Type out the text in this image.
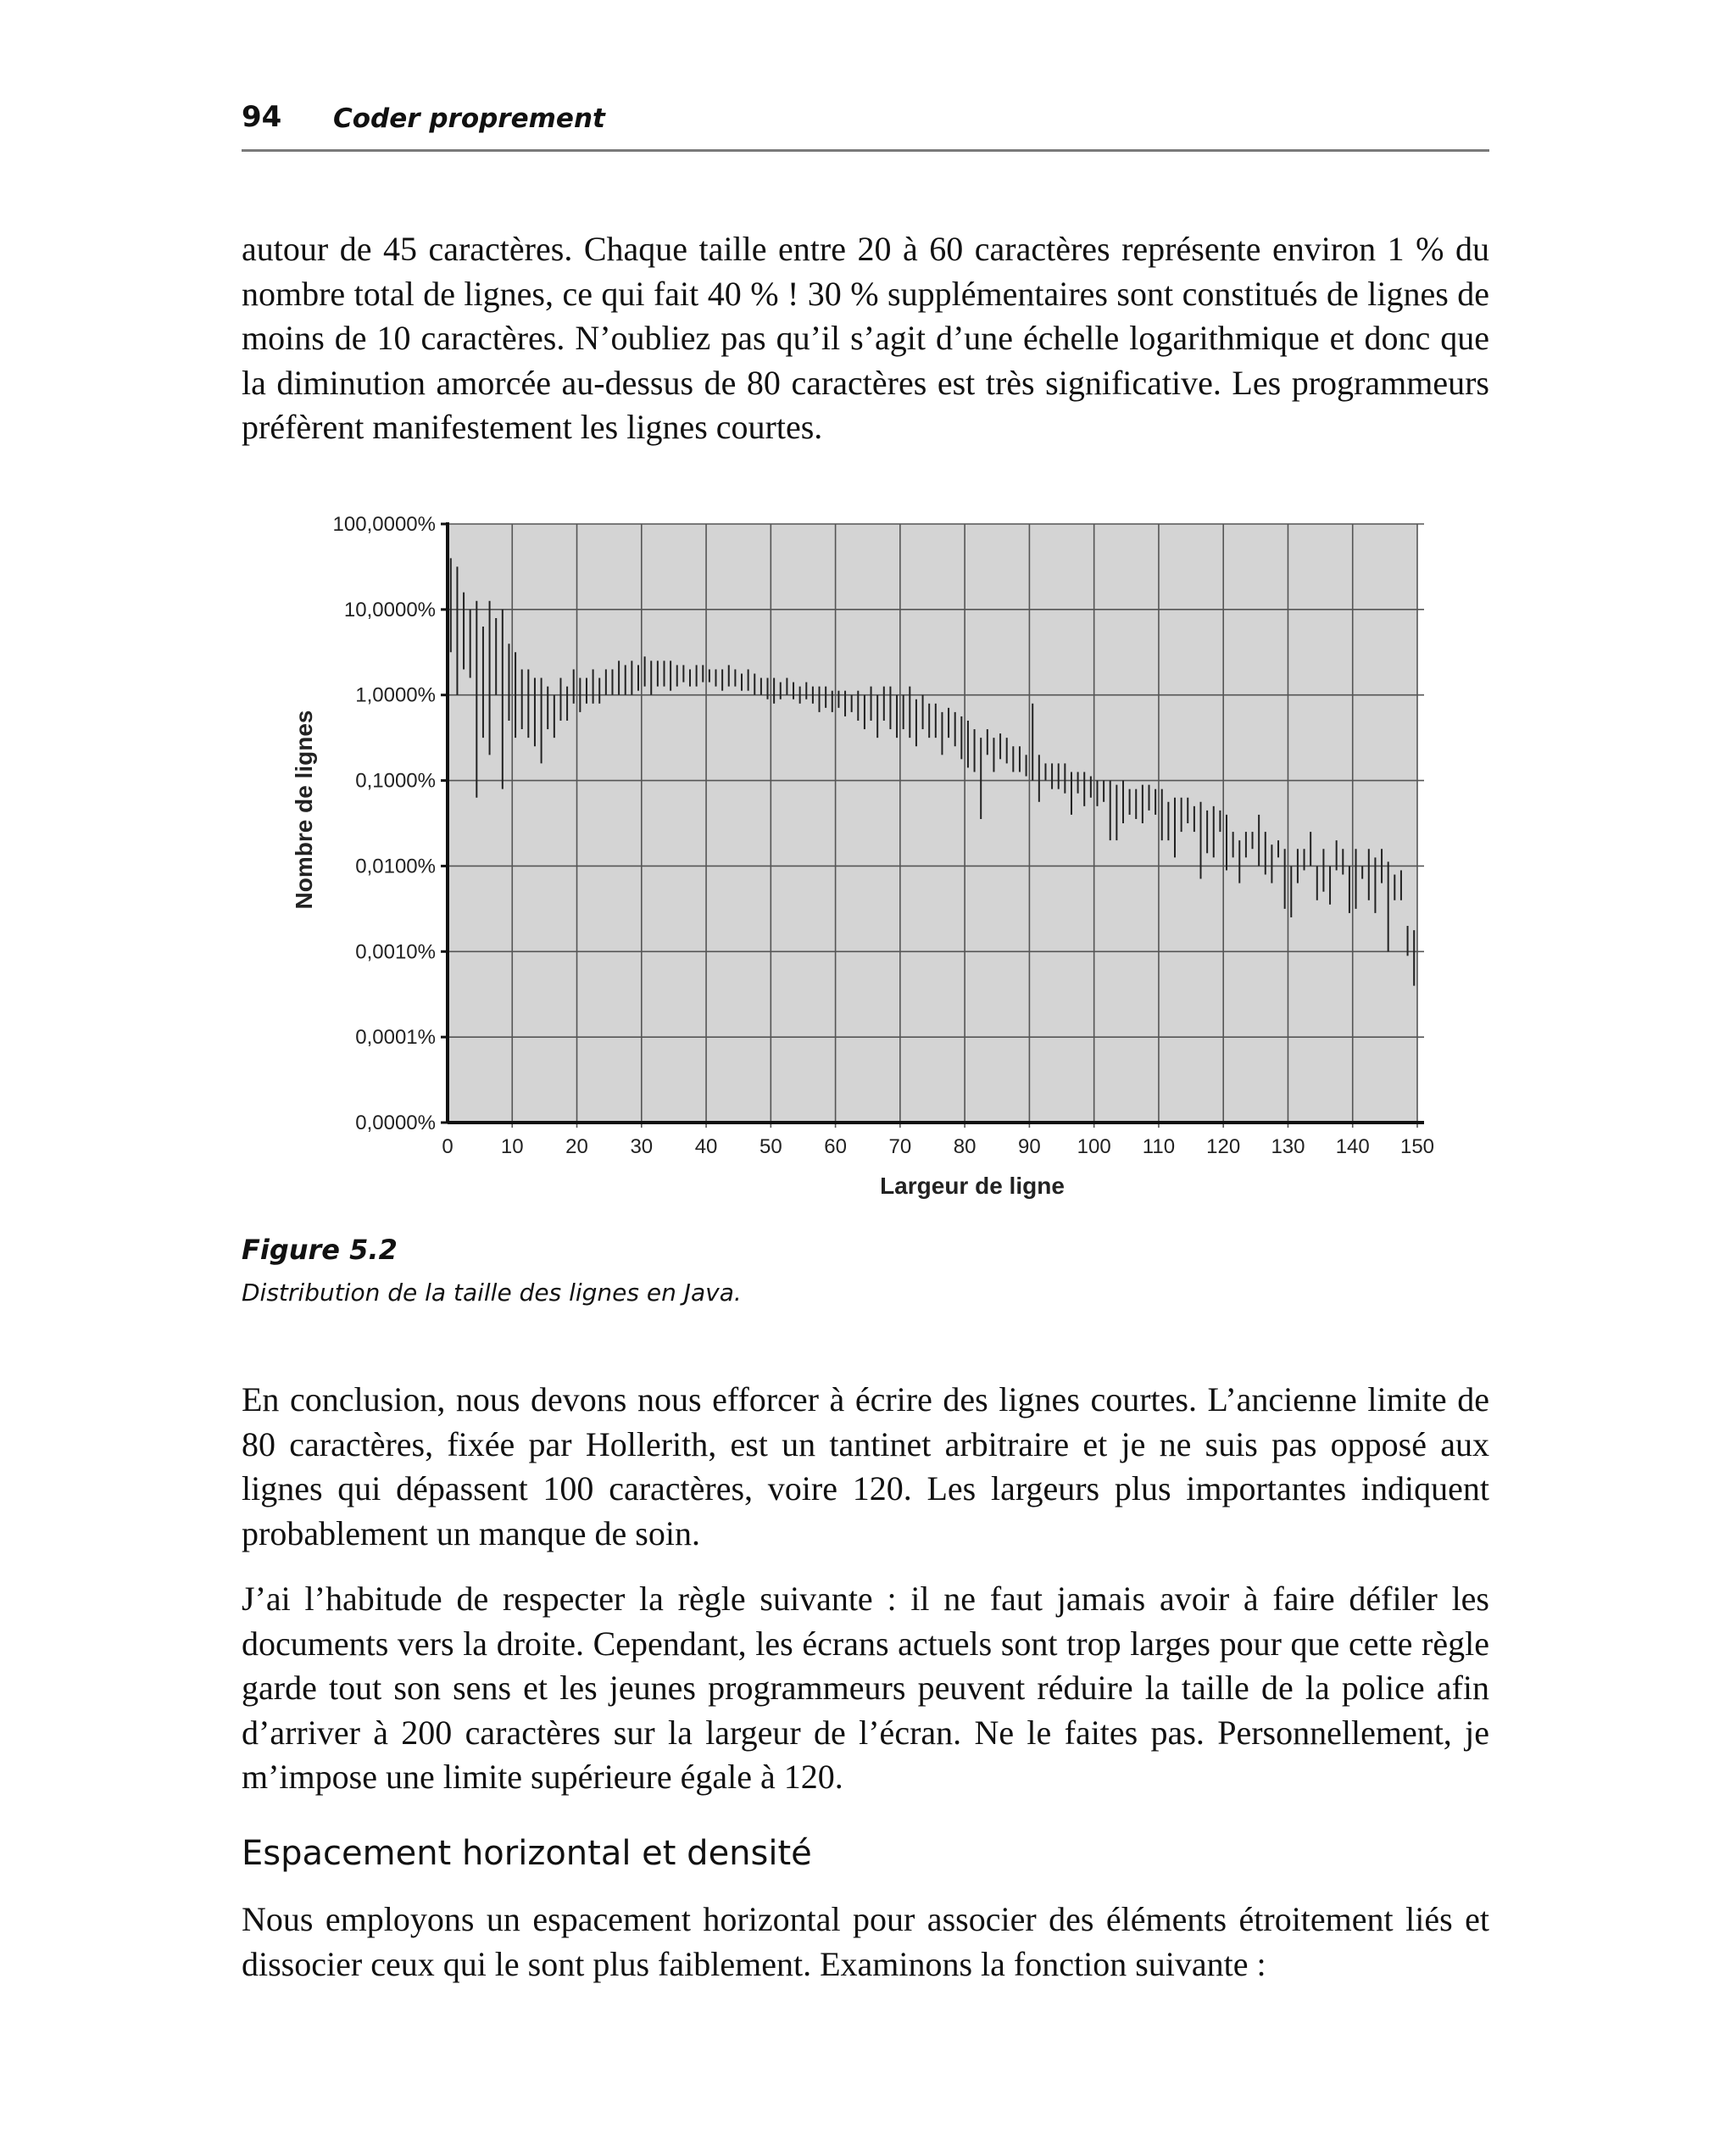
94 Coder proprement

autour de 45 caractères. Chaque taille entre 20 à 60 caractères représente environ 1 % du nombre total de lignes, ce qui fait 40 % ! 30 % supplémentaires sont constitués de lignes de moins de 10 caractères. N’oubliez pas qu’il s’agit d’une échelle logarithmique et donc que la diminution amorcée au-dessus de 80 caractères est très significative. Les programmeurs préfèrent manifestement les lignes courtes.

0,0000%
0,0001%
0,0010%
0,0100%
0,1000%
1,0000%
10,0000%
100,0000%
0 10 20 30 40 50 60 70 80 90 100 110 120 130 140 150
Largeur de ligne
Nombre de lignes
Figure 5.2
Distribution de la taille des lignes en Java.

En conclusion, nous devons nous efforcer à écrire des lignes courtes. L’ancienne limite de 80 caractères, fixée par Hollerith, est un tantinet arbitraire et je ne suis pas opposé aux lignes qui dépassent 100 caractères, voire 120. Les largeurs plus importantes indiquent probablement un manque de soin.

J’ai l’habitude de respecter la règle suivante : il ne faut jamais avoir à faire défiler les documents vers la droite. Cependant, les écrans actuels sont trop larges pour que cette règle garde tout son sens et les jeunes programmeurs peuvent réduire la taille de la police afin d’arriver à 200 caractères sur la largeur de l’écran. Ne le faites pas. Personnellement, je m’impose une limite supérieure égale à 120.

Espacement horizontal et densité

Nous employons un espacement horizontal pour associer des éléments étroitement liés et dissocier ceux qui le sont plus faiblement. Examinons la fonction suivante :
